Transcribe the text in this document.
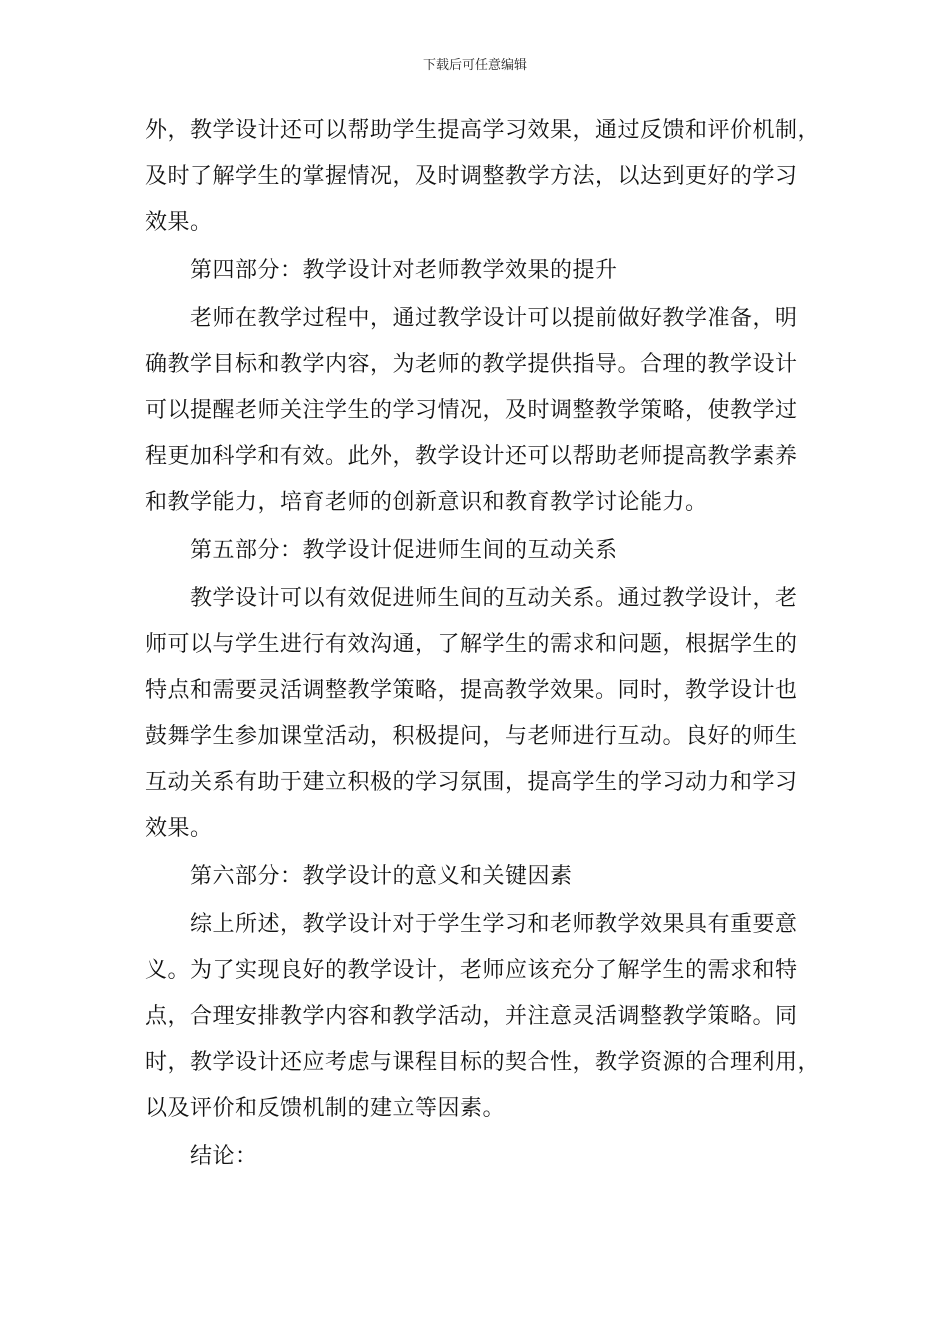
下载后可任意编辑
外，教学设计还可以帮助学生提高学习效果，通过反馈和评价机制，
及时了解学生的掌握情况，及时调整教学方法，以达到更好的学习
效果。
第四部分：教学设计对老师教学效果的提升
老师在教学过程中，通过教学设计可以提前做好教学准备，明
确教学目标和教学内容，为老师的教学提供指导。合理的教学设计
可以提醒老师关注学生的学习情况，及时调整教学策略，使教学过
程更加科学和有效。此外，教学设计还可以帮助老师提高教学素养
和教学能力，培育老师的创新意识和教育教学讨论能力。
第五部分：教学设计促进师生间的互动关系
教学设计可以有效促进师生间的互动关系。通过教学设计，老
师可以与学生进行有效沟通，了解学生的需求和问题，根据学生的
特点和需要灵活调整教学策略，提高教学效果。同时，教学设计也
鼓舞学生参加课堂活动，积极提问，与老师进行互动。良好的师生
互动关系有助于建立积极的学习氛围，提高学生的学习动力和学习
效果。
第六部分：教学设计的意义和关键因素
综上所述，教学设计对于学生学习和老师教学效果具有重要意
义。为了实现良好的教学设计，老师应该充分了解学生的需求和特
点，合理安排教学内容和教学活动，并注意灵活调整教学策略。同
时，教学设计还应考虑与课程目标的契合性，教学资源的合理利用，
以及评价和反馈机制的建立等因素。
结论：
